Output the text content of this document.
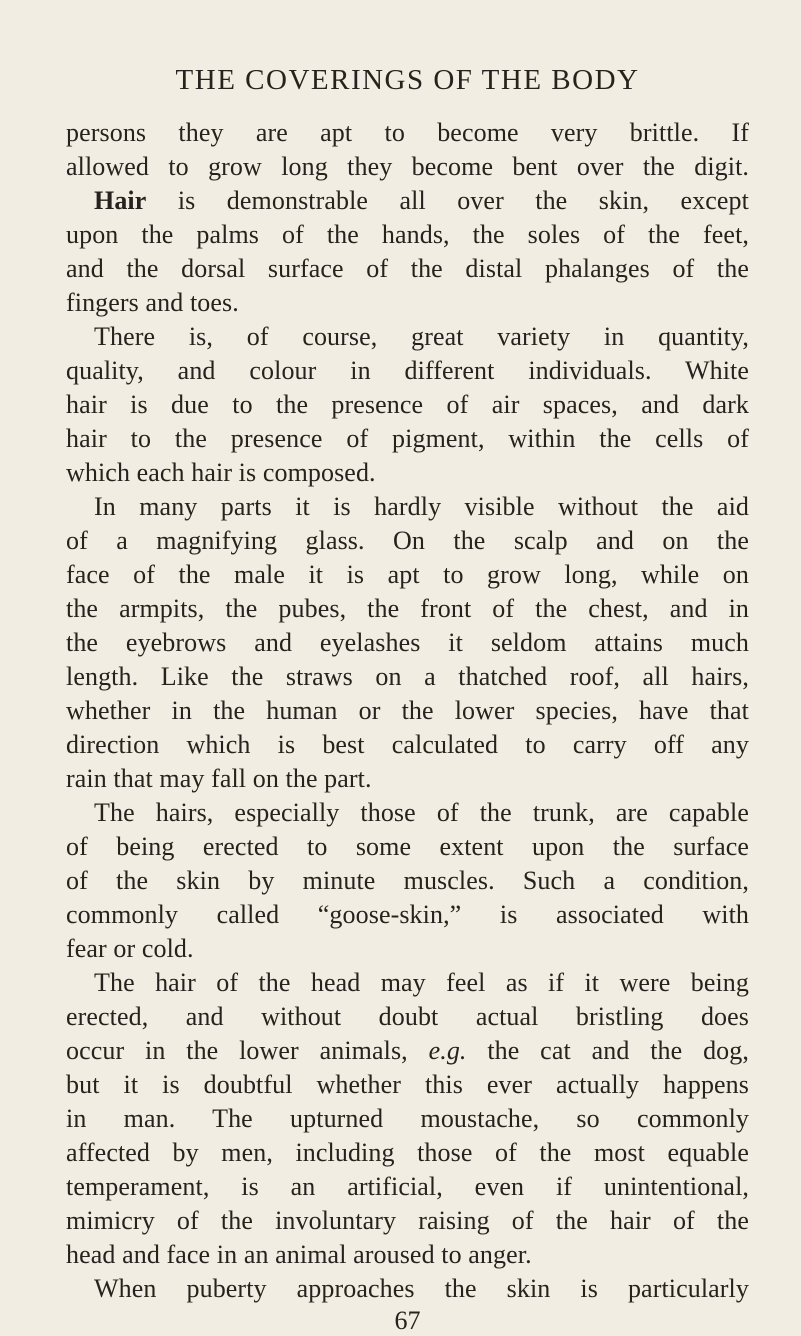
THE COVERINGS OF THE BODY
persons they are apt to become very brittle. If
allowed to grow long they become bent over the digit.
Hair is demonstrable all over the skin, except
upon the palms of the hands, the soles of the feet,
and the dorsal surface of the distal phalanges of the
fingers and toes.
There is, of course, great variety in quantity,
quality, and colour in different individuals. White
hair is due to the presence of air spaces, and dark
hair to the presence of pigment, within the cells of
which each hair is composed.
In many parts it is hardly visible without the aid
of a magnifying glass. On the scalp and on the
face of the male it is apt to grow long, while on
the armpits, the pubes, the front of the chest, and in
the eyebrows and eyelashes it seldom attains much
length. Like the straws on a thatched roof, all hairs,
whether in the human or the lower species, have that
direction which is best calculated to carry off any
rain that may fall on the part.
The hairs, especially those of the trunk, are capable
of being erected to some extent upon the surface
of the skin by minute muscles. Such a condition,
commonly called “goose-skin,” is associated with
fear or cold.
The hair of the head may feel as if it were being
erected, and without doubt actual bristling does
occur in the lower animals, e.g. the cat and the dog,
but it is doubtful whether this ever actually happens
in man. The upturned moustache, so commonly
affected by men, including those of the most equable
temperament, is an artificial, even if unintentional,
mimicry of the involuntary raising of the hair of the
head and face in an animal aroused to anger.
When puberty approaches the skin is particularly
67
